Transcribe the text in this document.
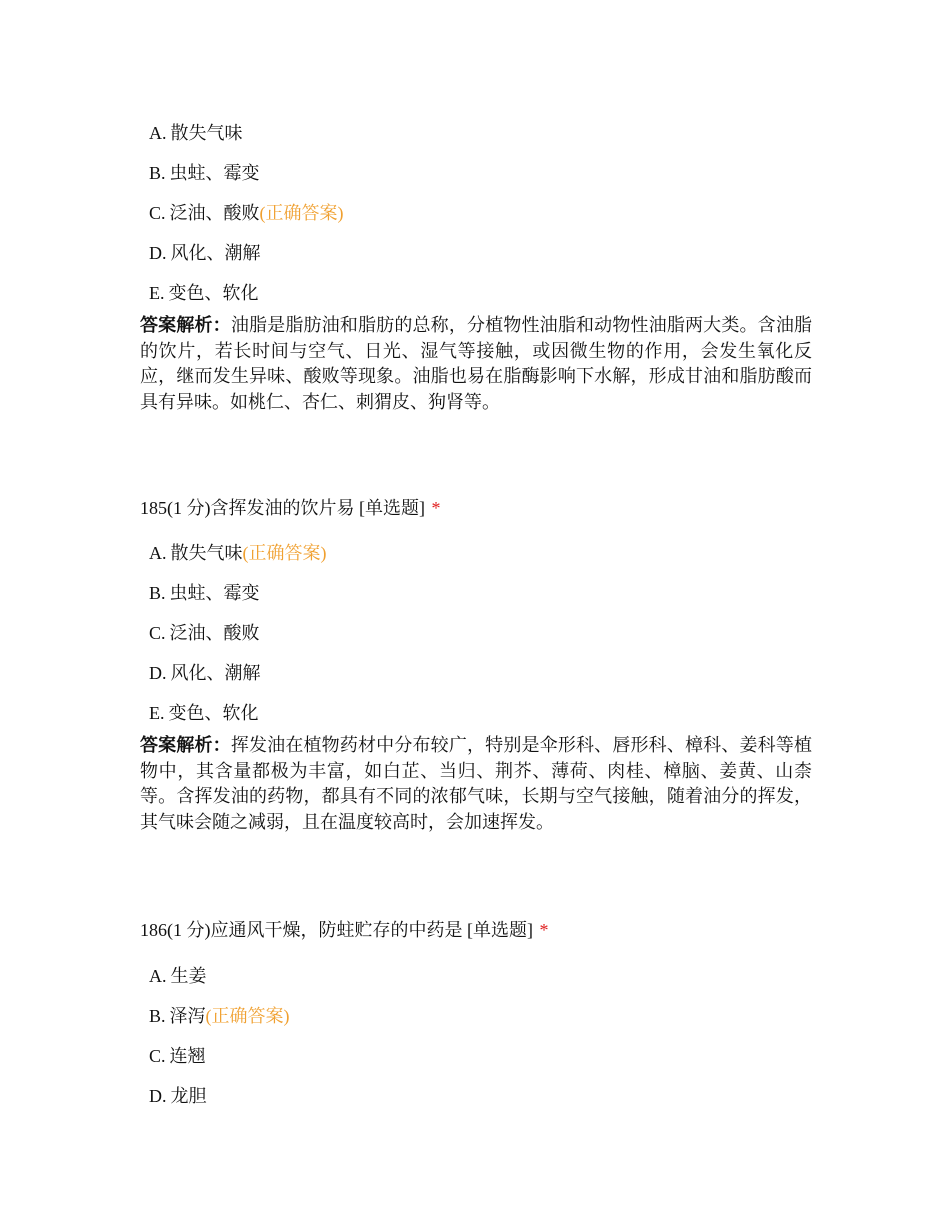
A. 散失气味
B. 虫蛀、霉变
C. 泛油、酸败(正确答案)
D. 风化、潮解
E. 变色、软化

答案解析：油脂是脂肪油和脂肪的总称，分植物性油脂和动物性油脂两大类。含油脂的饮片，若长时间与空气、日光、湿气等接触，或因微生物的作用，会发生氧化反应，继而发生异味、酸败等现象。油脂也易在脂酶影响下水解，形成甘油和脂肪酸而具有异味。如桃仁、杏仁、刺猬皮、狗肾等。

185(1 分)含挥发油的饮片易 [单选题] *
A. 散失气味(正确答案)
B. 虫蛀、霉变
C. 泛油、酸败
D. 风化、潮解
E. 变色、软化

答案解析：挥发油在植物药材中分布较广，特别是伞形科、唇形科、樟科、姜科等植物中，其含量都极为丰富，如白芷、当归、荆芥、薄荷、肉桂、樟脑、姜黄、山柰等。含挥发油的药物，都具有不同的浓郁气味，长期与空气接触，随着油分的挥发，其气味会随之减弱，且在温度较高时，会加速挥发。

186(1 分)应通风干燥，防蛀贮存的中药是 [单选题] *
A. 生姜
B. 泽泻(正确答案)
C. 连翘
D. 龙胆
